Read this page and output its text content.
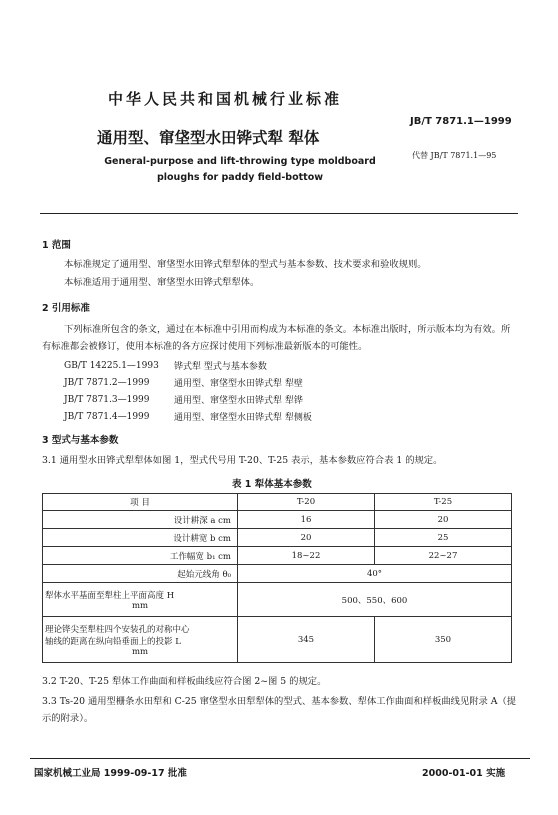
中华人民共和国机械行业标准
JB/T 7871.1—1999
通用型、窜垡型水田铧式犁 犁体
代替 JB/T 7871.1—95
General-purpose and lift-throwing type moldboard
ploughs for paddy field-bottow
1 范围
本标准规定了通用型、窜垡型水田铧式犁犁体的型式与基本参数、技术要求和验收规则。
本标准适用于通用型、窜垡型水田铧式犁犁体。
2 引用标准
下列标准所包含的条文，通过在本标准中引用而构成为本标准的条文。本标准出版时，所示版本均为有效。所有标准都会被修订，使用本标准的各方应探讨使用下列标准最新版本的可能性。
GB/T 14225.1—1993	铧式犁 型式与基本参数
JB/T 7871.2—1999	通用型、窜垡型水田铧式犁 犁壁
JB/T 7871.3—1999	通用型、窜垡型水田铧式犁 犁铧
JB/T 7871.4—1999	通用型、窜垡型水田铧式犁 犁侧板
3 型式与基本参数
3.1 通用型水田铧式犁犁体如图 1，型式代号用 T-20、T-25 表示，基本参数应符合表 1 的规定。
表 1 犁体基本参数
项 目	T-20	T-25
设计耕深 a cm	16	20
设计耕宽 b cm	20	25
工作幅宽 b₁ cm	18~22	22~27
起始元线角 θ₀	40°	

犁体水平基面至犁柱上平面高度 H
mm	500、550、600	

理论铧尖至犁柱四个安装孔的对称中心
轴线的距离在纵向铅垂面上的投影 L
mm	345	350
3.2 T-20、T-25 犁体工作曲面和样板曲线应符合图 2~图 5 的规定。
3.3 Ts-20 通用型栅条水田犁和 C-25 窜垡型水田犁犁体的型式、基本参数、犁体工作曲面和样板曲线见附录 A（提示的附录）。
国家机械工业局 1999-09-17 批准	2000-01-01 实施
